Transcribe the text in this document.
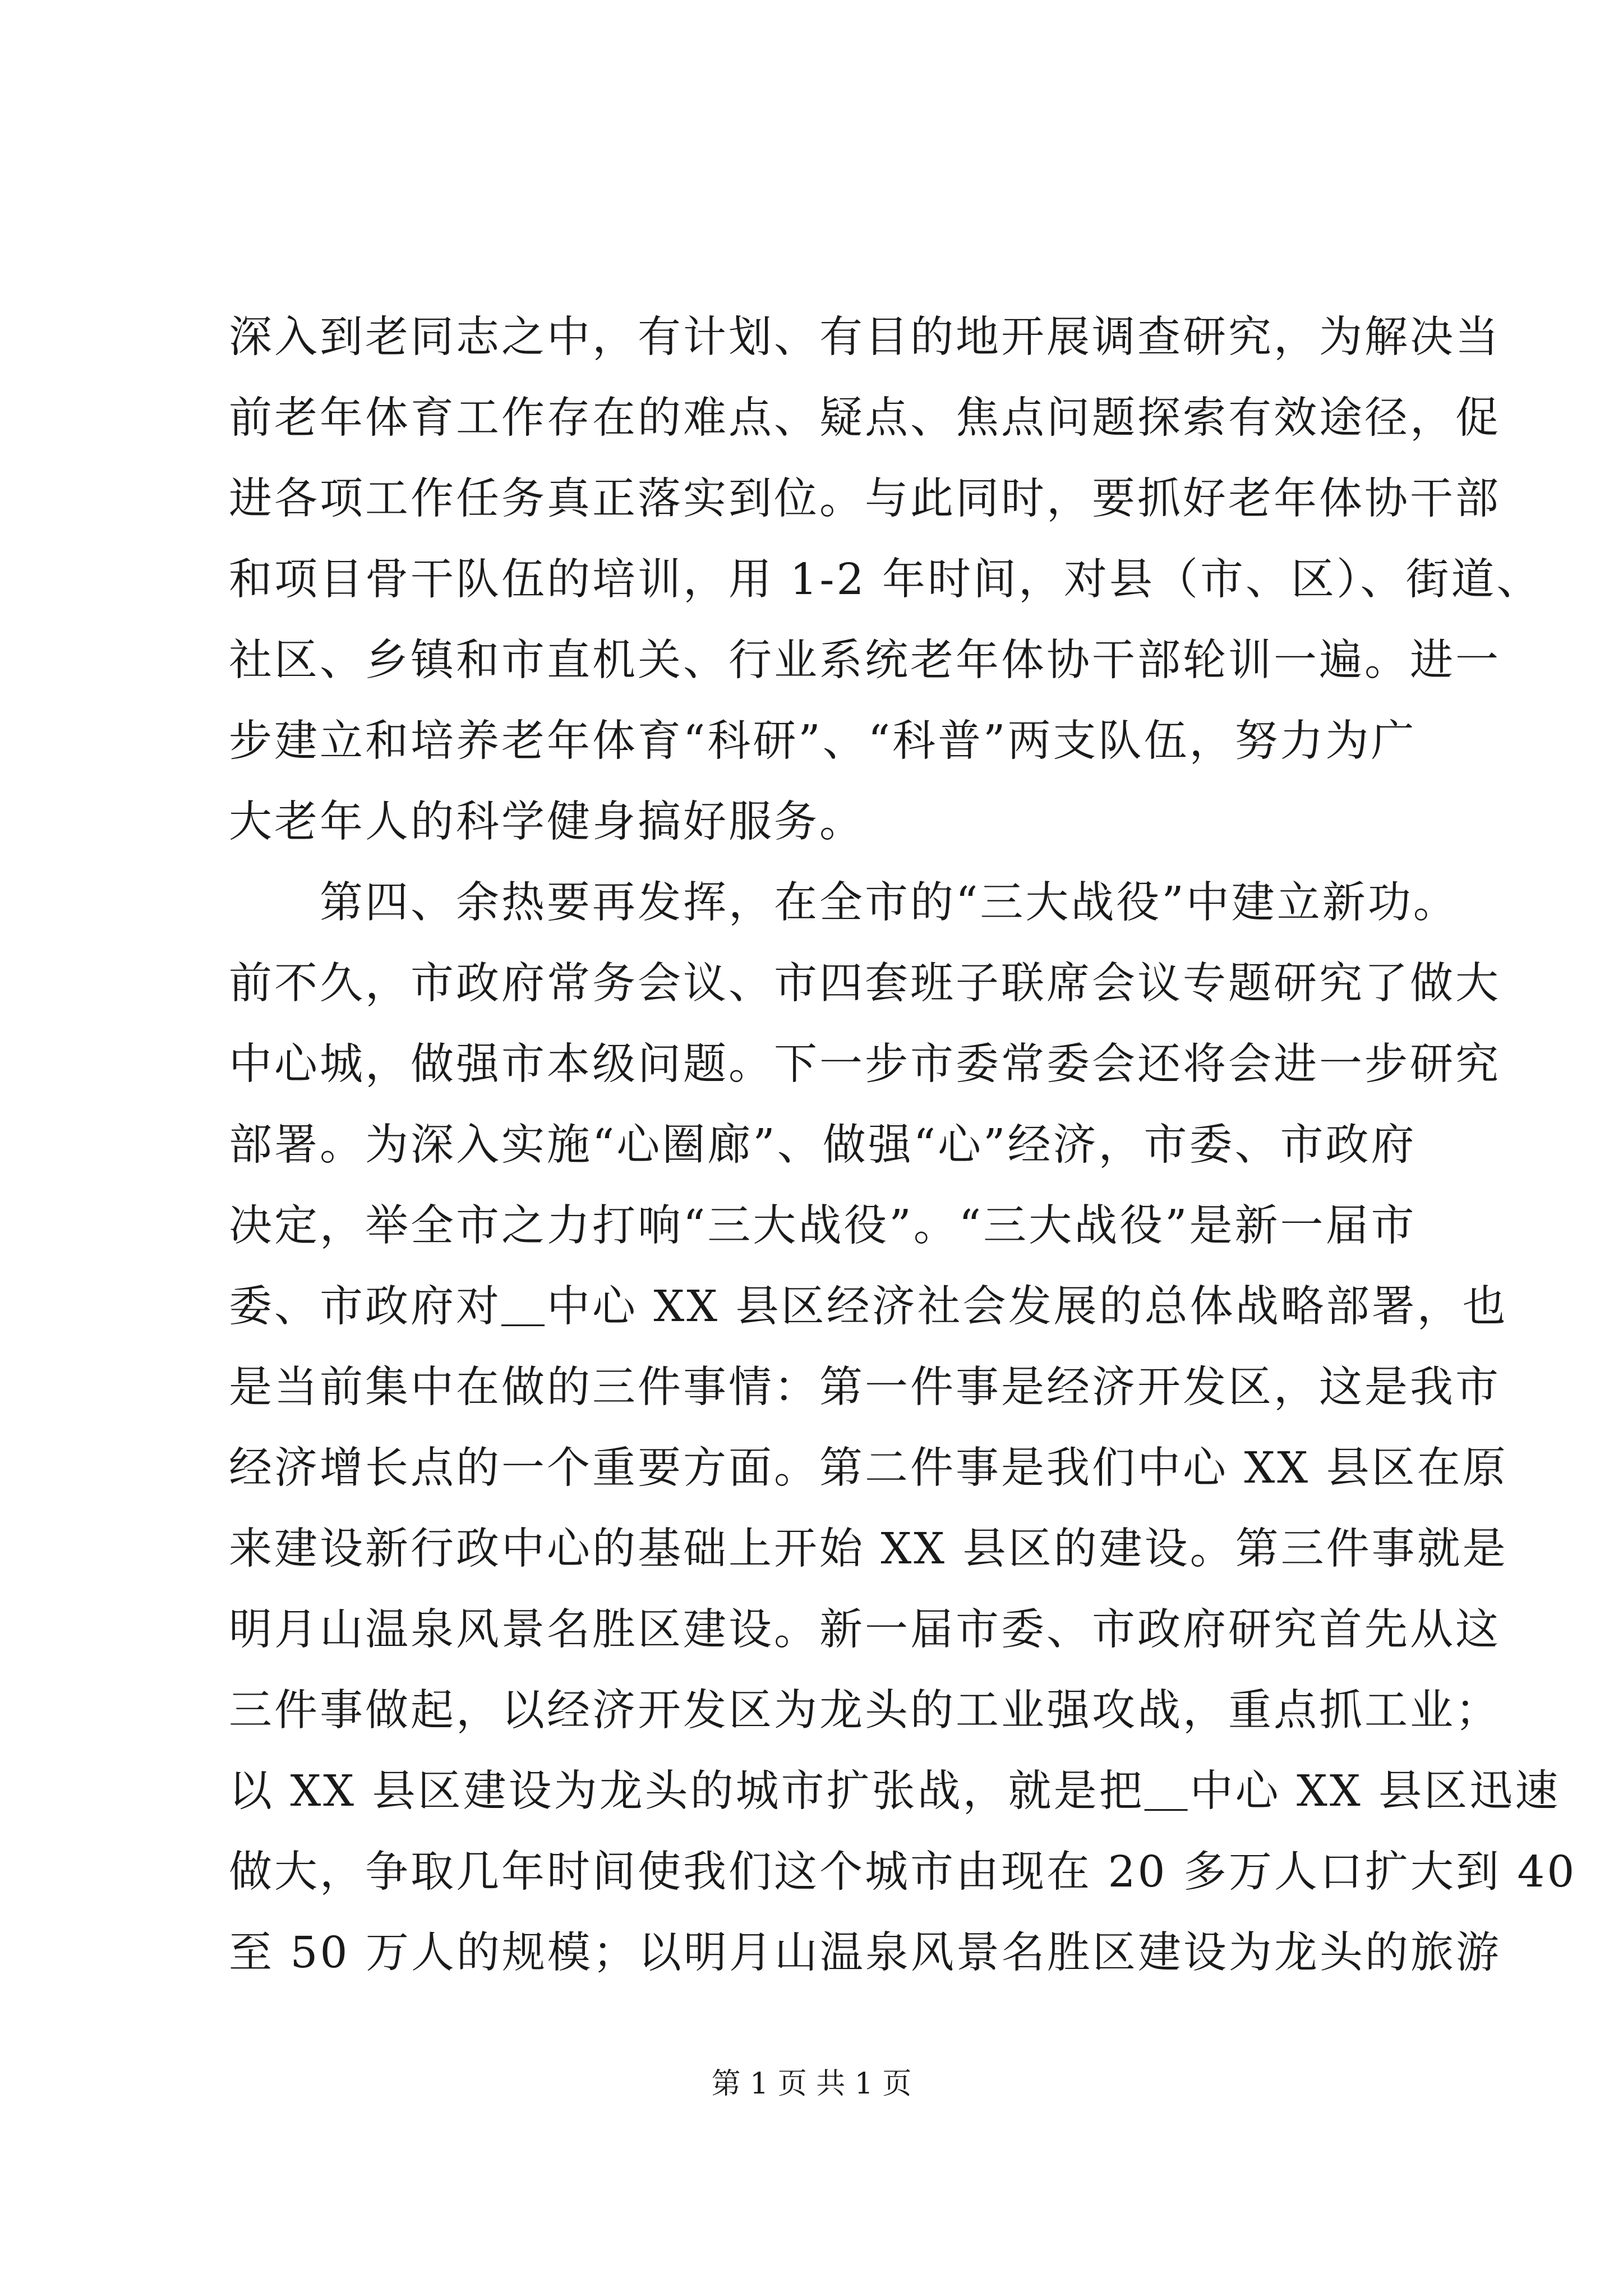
深入到老同志之中，有计划、有目的地开展调查研究，为解决当
前老年体育工作存在的难点、疑点、焦点问题探索有效途径，促
进各项工作任务真正落实到位。与此同时，要抓好老年体协干部
和项目骨干队伍的培训，用 1-2 年时间，对县（市、区）、街道、
社区、乡镇和市直机关、行业系统老年体协干部轮训一遍。进一
步建立和培养老年体育“科研”、“科普”两支队伍，努力为广
大老年人的科学健身搞好服务。
第四、余热要再发挥，在全市的“三大战役”中建立新功。
前不久，市政府常务会议、市四套班子联席会议专题研究了做大
中心城，做强市本级问题。下一步市委常委会还将会进一步研究
部署。为深入实施“心圈廊”、做强“心”经济，市委、市政府
决定，举全市之力打响“三大战役”。“三大战役”是新一届市
委、市政府对＿中心 XX 县区经济社会发展的总体战略部署，也
是当前集中在做的三件事情：第一件事是经济开发区，这是我市
经济增长点的一个重要方面。第二件事是我们中心 XX 县区在原
来建设新行政中心的基础上开始 XX 县区的建设。第三件事就是
明月山温泉风景名胜区建设。新一届市委、市政府研究首先从这
三件事做起，以经济开发区为龙头的工业强攻战，重点抓工业；
以 XX 县区建设为龙头的城市扩张战，就是把＿中心 XX 县区迅速
做大，争取几年时间使我们这个城市由现在 20 多万人口扩大到 40
至 50 万人的规模；以明月山温泉风景名胜区建设为龙头的旅游
第 1 页 共 1 页
